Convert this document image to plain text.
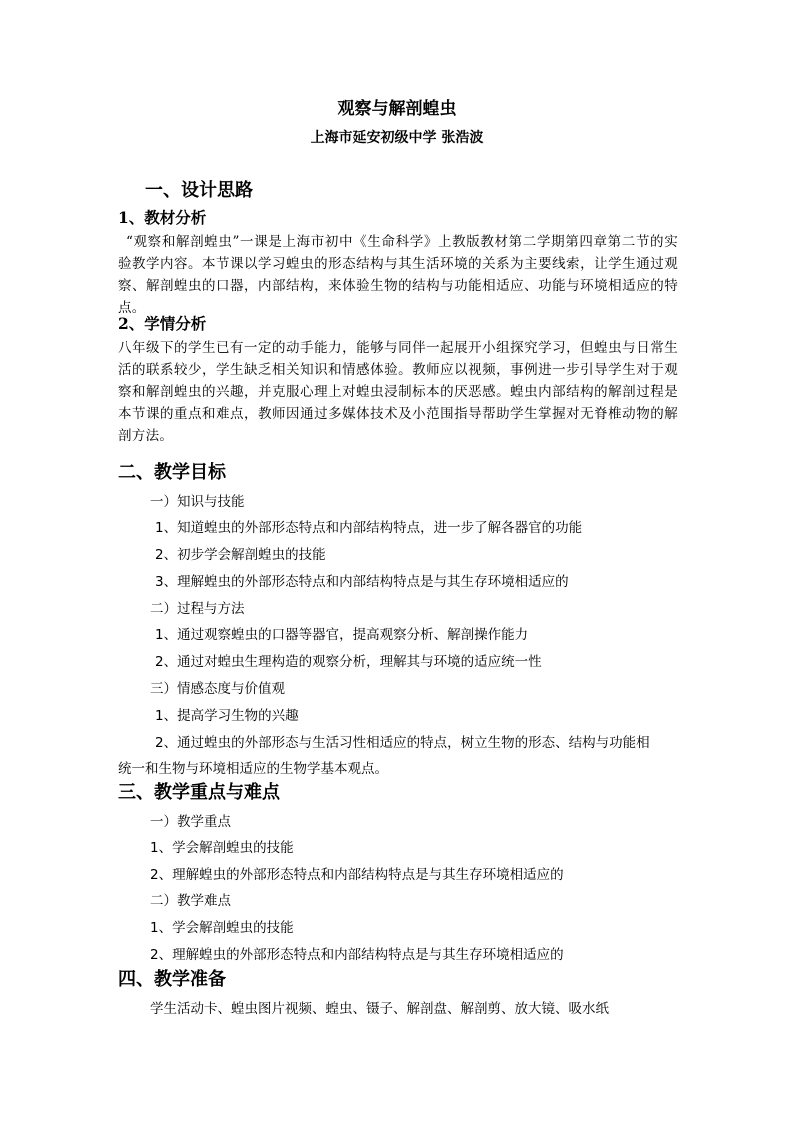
观察与解剖蝗虫
上海市延安初级中学 张浩波
一、设计思路
1、教材分析
“观察和解剖蝗虫”一课是上海市初中《生命科学》上教版教材第二学期第四章第二节的实验教学内容。本节课以学习蝗虫的形态结构与其生活环境的关系为主要线索，让学生通过观察、解剖蝗虫的口器，内部结构，来体验生物的结构与功能相适应、功能与环境相适应的特点。
2、学情分析
八年级下的学生已有一定的动手能力，能够与同伴一起展开小组探究学习，但蝗虫与日常生活的联系较少，学生缺乏相关知识和情感体验。教师应以视频，事例进一步引导学生对于观察和解剖蝗虫的兴趣，并克服心理上对蝗虫浸制标本的厌恶感。蝗虫内部结构的解剖过程是本节课的重点和难点，教师因通过多媒体技术及小范围指导帮助学生掌握对无脊椎动物的解剖方法。
二、教学目标
一）知识与技能
1、知道蝗虫的外部形态特点和内部结构特点，进一步了解各器官的功能
2、初步学会解剖蝗虫的技能
3、理解蝗虫的外部形态特点和内部结构特点是与其生存环境相适应的
二）过程与方法
1、通过观察蝗虫的口器等器官，提高观察分析、解剖操作能力
2、通过对蝗虫生理构造的观察分析，理解其与环境的适应统一性
三）情感态度与价值观
1、提高学习生物的兴趣
2、通过蝗虫的外部形态与生活习性相适应的特点，树立生物的形态、结构与功能相
统一和生物与环境相适应的生物学基本观点。
三、教学重点与难点
一）教学重点
1、学会解剖蝗虫的技能
2、理解蝗虫的外部形态特点和内部结构特点是与其生存环境相适应的
二）教学难点
1、学会解剖蝗虫的技能
2、理解蝗虫的外部形态特点和内部结构特点是与其生存环境相适应的
四、教学准备
学生活动卡、蝗虫图片视频、蝗虫、镊子、解剖盘、解剖剪、放大镜、吸水纸
